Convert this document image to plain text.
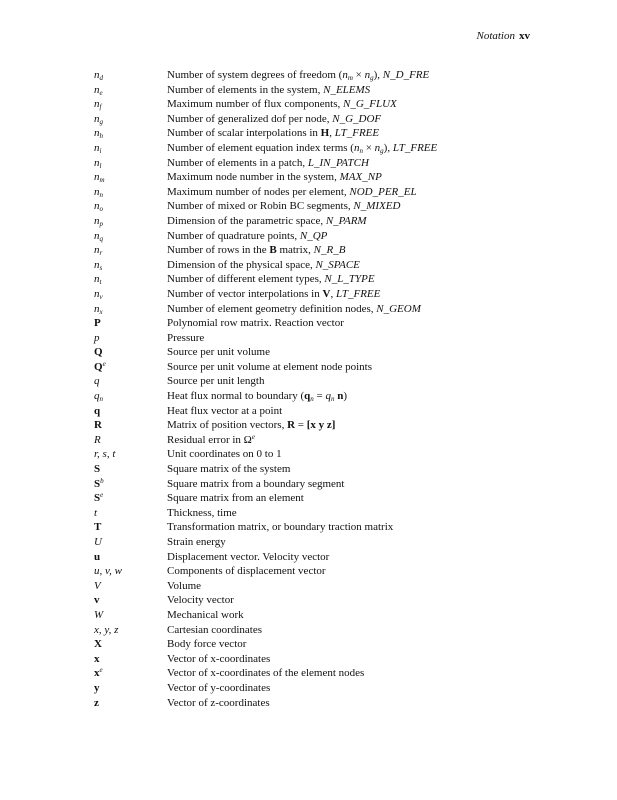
Notation xv
$n_d$	Number of system degrees of freedom $(n_m \times n_g)$, N_D_FRE
$n_e$	Number of elements in the system, N_ELEMS
$n_f$	Maximum number of flux components, N_G_FLUX
$n_g$	Number of generalized dof per node, N_G_DOF
$n_h$	Number of scalar interpolations in H, LT_FREE
$n_i$	Number of element equation index terms $(n_n \times n_g)$, LT_FREE
$n_l$	Number of elements in a patch, L_IN_PATCH
$n_m$	Maximum node number in the system, MAX_NP
$n_n$	Maximum number of nodes per element, NOD_PER_EL
$n_o$	Number of mixed or Robin BC segments, N_MIXED
$n_p$	Dimension of the parametric space, N_PARM
$n_q$	Number of quadrature points, N_QP
$n_r$	Number of rows in the B matrix, N_R_B
$n_s$	Dimension of the physical space, N_SPACE
$n_t$	Number of different element types, N_L_TYPE
$n_v$	Number of vector interpolations in V, LT_FREE
$n_x$	Number of element geometry definition nodes, N_GEOM
P	Polynomial row matrix. Reaction vector
p	Pressure
Q	Source per unit volume
$Q^e$	Source per unit volume at element node points
q	Source per unit length
$q_n$	Heat flux normal to boundary ($q_n = q_n$ n)
q	Heat flux vector at a point
R	Matrix of position vectors, R = [x y z]
R	Residual error in $\Omega^e$
r, s, t	Unit coordinates on 0 to 1
S	Square matrix of the system
$S^b$	Square matrix from a boundary segment
$S^e$	Square matrix from an element
t	Thickness, time
T	Transformation matrix, or boundary traction matrix
U	Strain energy
u	Displacement vector. Velocity vector
u, v, w	Components of displacement vector
V	Volume
v	Velocity vector
W	Mechanical work
x, y, z	Cartesian coordinates
X	Body force vector
x	Vector of x-coordinates
$x^e$	Vector of x-coordinates of the element nodes
y	Vector of y-coordinates
z	Vector of z-coordinates
